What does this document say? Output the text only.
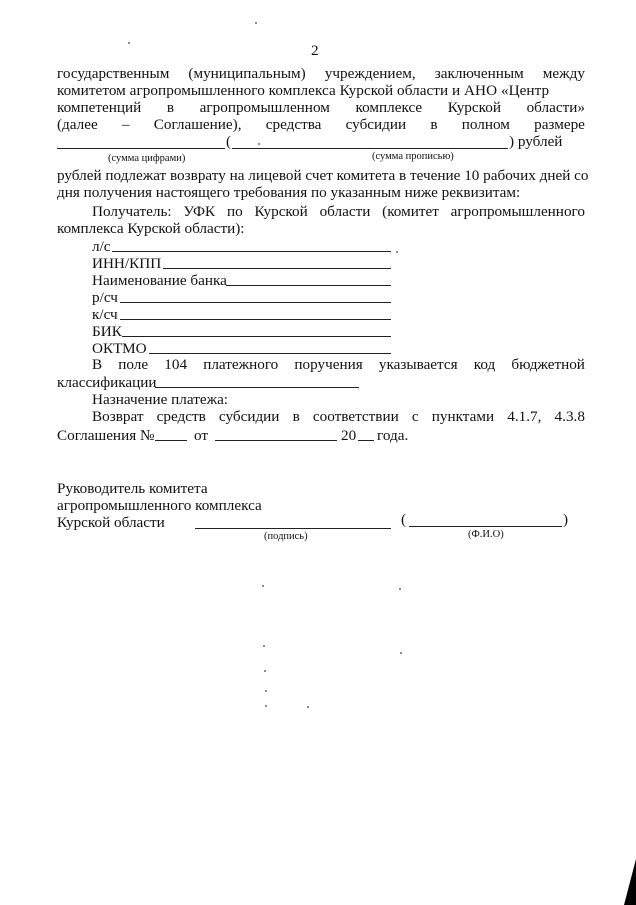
2
государственным (муниципальным) учреждением, заключенным между
комитетом агропромышленного комплекса Курской области и АНО «Центр
компетенций в агропромышленном комплексе Курской области»
(далее – Соглашение), средства субсидии в полном размере
(	) рублей
(сумма цифрами)	(сумма прописью)
рублей подлежат возврату на лицевой счет комитета в течение 10 рабочих дней со
дня получения настоящего требования по указанным ниже реквизитам:
Получатель: УФК по Курской области (комитет агропромышленного
комплекса Курской области):
л/с
ИНН/КПП
Наименование банка
р/сч
к/сч
БИК
ОКТМО
В поле 104 платежного поручения указывается код бюджетной
классификации
Назначение платежа:
Возврат средств субсидии в соответствии с пунктами 4.1.7, 4.3.8
Соглашения №	от	20 года.
Руководитель комитета
агропромышленного комплекса
Курской области
(подпись)
(	)
(Ф.И.О)
